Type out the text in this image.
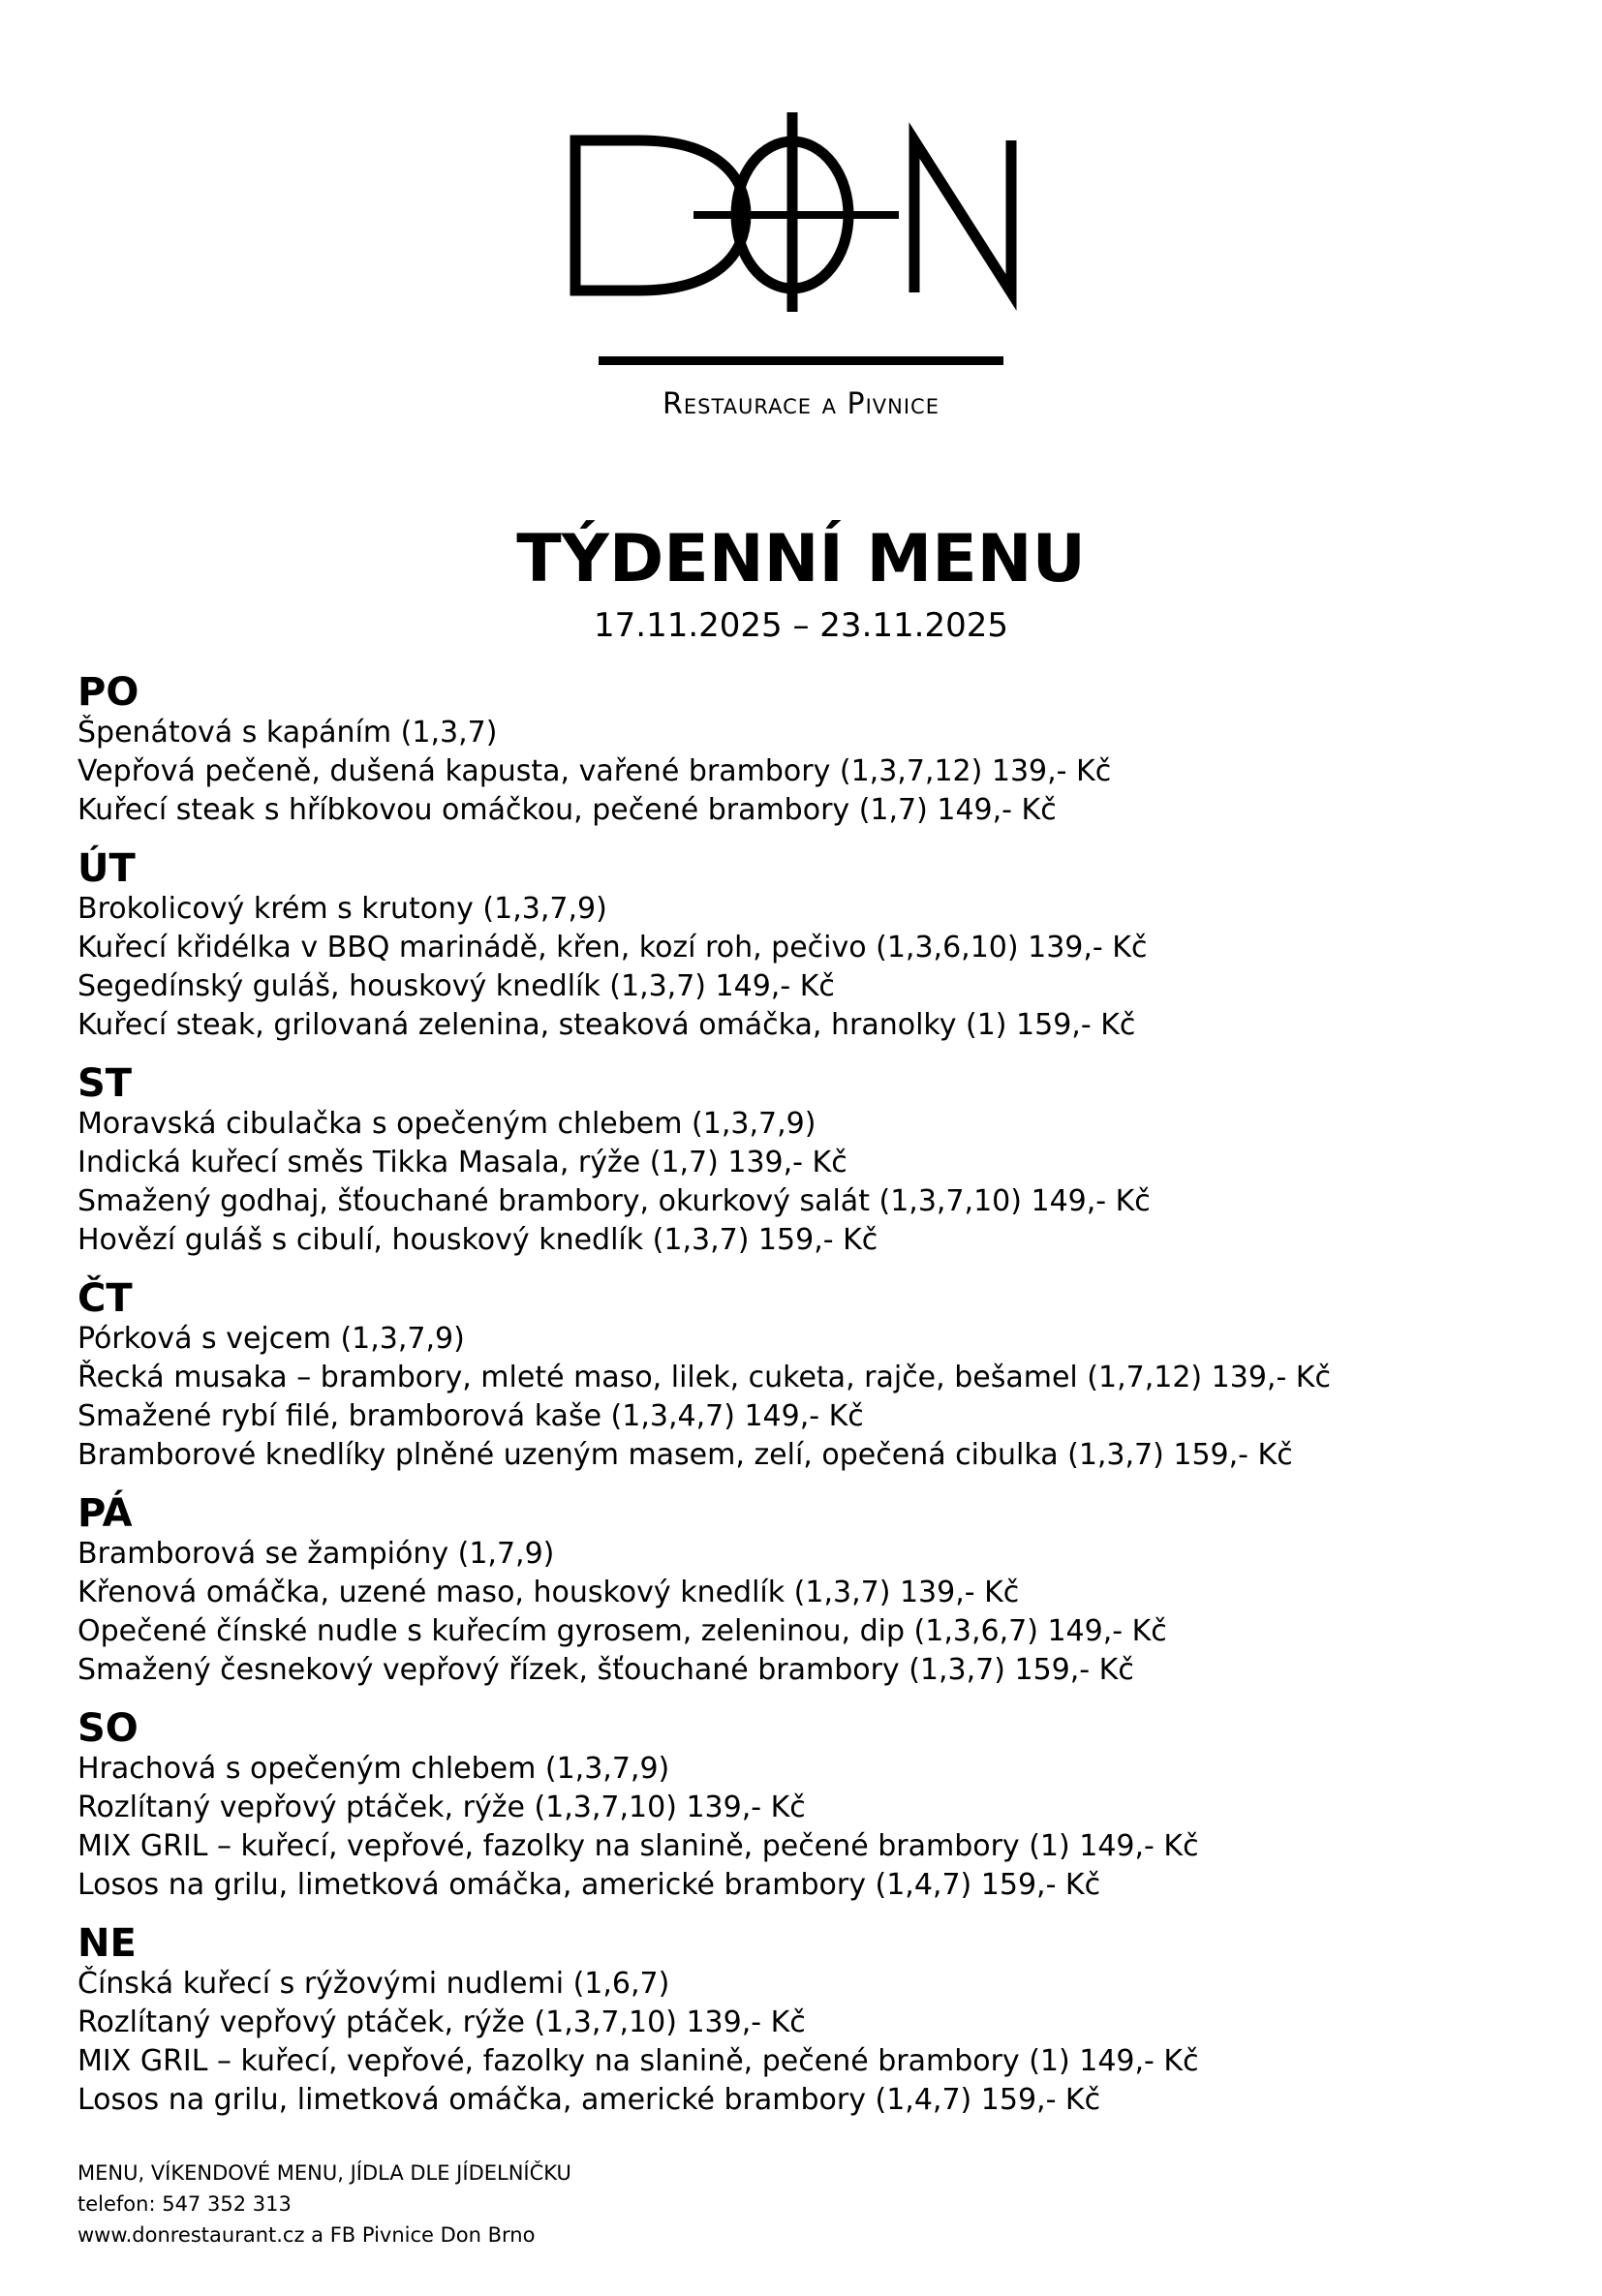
Restaurace a Pivnice
TÝDENNÍ MENU
17.11.2025 – 23.11.2025
PO
Špenátová s kapáním (1,3,7)
Vepřová pečeně, dušená kapusta, vařené brambory (1,3,7,12) 139,- Kč
Kuřecí steak s hříbkovou omáčkou, pečené brambory (1,7) 149,- Kč
ÚT
Brokolicový krém s krutony (1,3,7,9)
Kuřecí křidélka v BBQ marinádě, křen, kozí roh, pečivo (1,3,6,10) 139,- Kč
Segedínský guláš, houskový knedlík (1,3,7) 149,- Kč
Kuřecí steak, grilovaná zelenina, steaková omáčka, hranolky (1) 159,- Kč
ST
Moravská cibulačka s opečeným chlebem (1,3,7,9)
Indická kuřecí směs Tikka Masala, rýže (1,7) 139,- Kč
Smažený godhaj, šťouchané brambory, okurkový salát (1,3,7,10) 149,- Kč
Hovězí guláš s cibulí, houskový knedlík (1,3,7) 159,- Kč
ČT
Pórková s vejcem (1,3,7,9)
Řecká musaka – brambory, mleté maso, lilek, cuketa, rajče, bešamel (1,7,12) 139,- Kč
Smažené rybí filé, bramborová kaše (1,3,4,7) 149,- Kč
Bramborové knedlíky plněné uzeným masem, zelí, opečená cibulka (1,3,7) 159,- Kč
PÁ
Bramborová se žampióny (1,7,9)
Křenová omáčka, uzené maso, houskový knedlík (1,3,7) 139,- Kč
Opečené čínské nudle s kuřecím gyrosem, zeleninou, dip (1,3,6,7) 149,- Kč
Smažený česnekový vepřový řízek, šťouchané brambory (1,3,7) 159,- Kč
SO
Hrachová s opečeným chlebem (1,3,7,9)
Rozlítaný vepřový ptáček, rýže (1,3,7,10) 139,- Kč
MIX GRIL – kuřecí, vepřové, fazolky na slanině, pečené brambory (1) 149,- Kč
Losos na grilu, limetková omáčka, americké brambory (1,4,7) 159,- Kč
NE
Čínská kuřecí s rýžovými nudlemi (1,6,7)
Rozlítaný vepřový ptáček, rýže (1,3,7,10) 139,- Kč
MIX GRIL – kuřecí, vepřové, fazolky na slanině, pečené brambory (1) 149,- Kč
Losos na grilu, limetková omáčka, americké brambory (1,4,7) 159,- Kč
MENU, VÍKENDOVÉ MENU, JÍDLA DLE JÍDELNÍČKU
telefon: 547 352 313
www.donrestaurant.cz a FB Pivnice Don Brno
